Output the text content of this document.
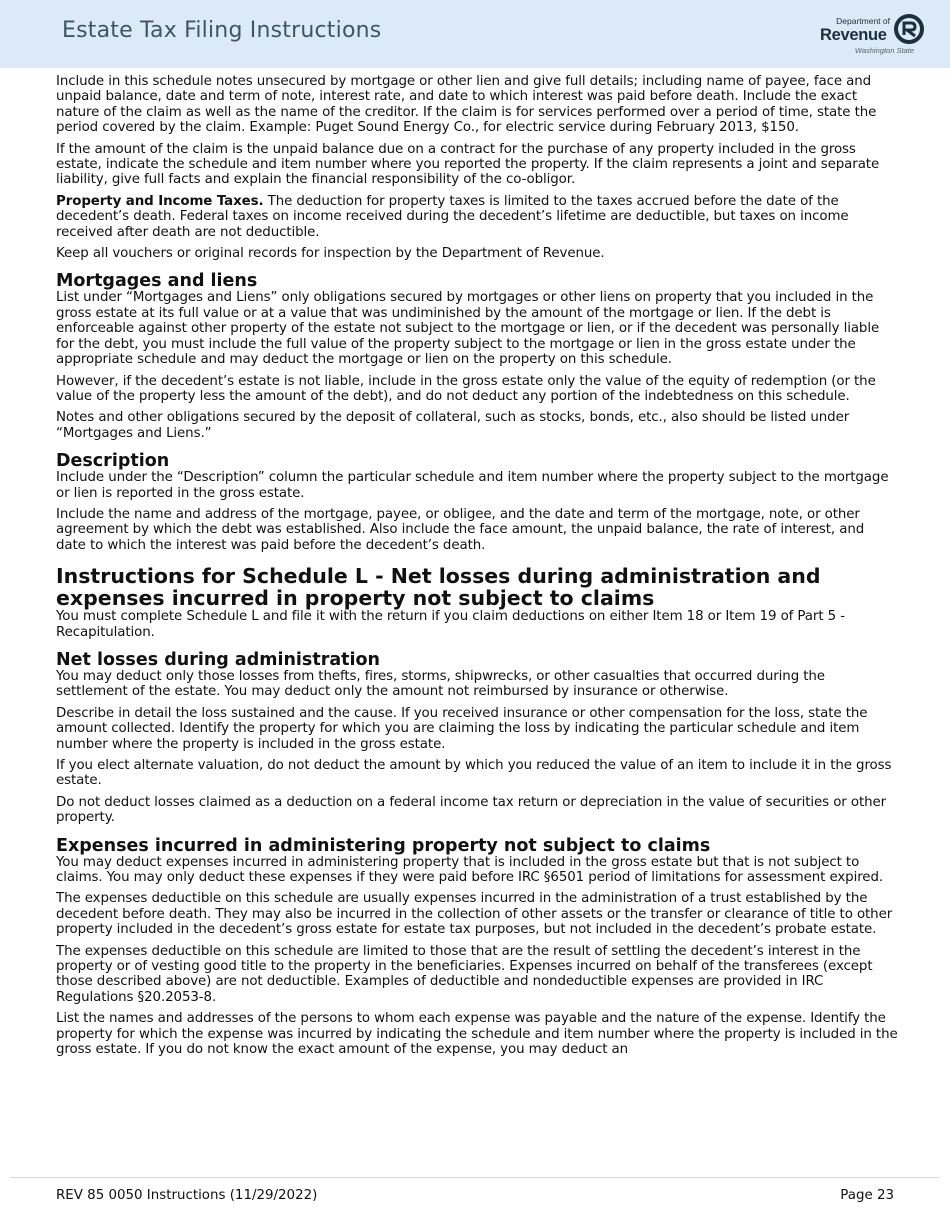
Estate Tax Filing Instructions	Department of
Revenue
Washington State

Include in this schedule notes unsecured by mortgage or other lien and give full details; including name of payee, face and unpaid balance, date and term of note, interest rate, and date to which interest was paid before death. Include the exact nature of the claim as well as the name of the creditor. If the claim is for services performed over a period of time, state the period covered by the claim. Example: Puget Sound Energy Co., for electric service during February 2013, $150.

If the amount of the claim is the unpaid balance due on a contract for the purchase of any property included in the gross estate, indicate the schedule and item number where you reported the property. If the claim represents a joint and separate liability, give full facts and explain the financial responsibility of the co-obligor.

Property and Income Taxes. The deduction for property taxes is limited to the taxes accrued before the date of the decedent’s death. Federal taxes on income received during the decedent’s lifetime are deductible, but taxes on income received after death are not deductible.

Keep all vouchers or original records for inspection by the Department of Revenue.

Mortgages and liens

List under “Mortgages and Liens” only obligations secured by mortgages or other liens on property that you included in the gross estate at its full value or at a value that was undiminished by the amount of the mortgage or lien. If the debt is enforceable against other property of the estate not subject to the mortgage or lien, or if the decedent was personally liable for the debt, you must include the full value of the property subject to the mortgage or lien in the gross estate under the appropriate schedule and may deduct the mortgage or lien on the property on this schedule.

However, if the decedent’s estate is not liable, include in the gross estate only the value of the equity of redemption (or the value of the property less the amount of the debt), and do not deduct any portion of the indebtedness on this schedule.

Notes and other obligations secured by the deposit of collateral, such as stocks, bonds, etc., also should be listed under “Mortgages and Liens.”

Description

Include under the “Description” column the particular schedule and item number where the property subject to the mortgage or lien is reported in the gross estate.

Include the name and address of the mortgage, payee, or obligee, and the date and term of the mortgage, note, or other agreement by which the debt was established. Also include the face amount, the unpaid balance, the rate of interest, and date to which the interest was paid before the decedent’s death.

Instructions for Schedule L - Net losses during administration and expenses incurred in property not subject to claims

You must complete Schedule L and file it with the return if you claim deductions on either Item 18 or Item 19 of Part 5 - Recapitulation.

Net losses during administration

You may deduct only those losses from thefts, fires, storms, shipwrecks, or other casualties that occurred during the settlement of the estate. You may deduct only the amount not reimbursed by insurance or otherwise.

Describe in detail the loss sustained and the cause. If you received insurance or other compensation for the loss, state the amount collected. Identify the property for which you are claiming the loss by indicating the particular schedule and item number where the property is included in the gross estate.

If you elect alternate valuation, do not deduct the amount by which you reduced the value of an item to include it in the gross estate.

Do not deduct losses claimed as a deduction on a federal income tax return or depreciation in the value of securities or other property.

Expenses incurred in administering property not subject to claims

You may deduct expenses incurred in administering property that is included in the gross estate but that is not subject to claims. You may only deduct these expenses if they were paid before IRC §6501 period of limitations for assessment expired.

The expenses deductible on this schedule are usually expenses incurred in the administration of a trust established by the decedent before death. They may also be incurred in the collection of other assets or the transfer or clearance of title to other property included in the decedent’s gross estate for estate tax purposes, but not included in the decedent’s probate estate.

The expenses deductible on this schedule are limited to those that are the result of settling the decedent’s interest in the property or of vesting good title to the property in the beneficiaries. Expenses incurred on behalf of the transferees (except those described above) are not deductible. Examples of deductible and nondeductible expenses are provided in IRC Regulations §20.2053-8.

List the names and addresses of the persons to whom each expense was payable and the nature of the expense. Identify the property for which the expense was incurred by indicating the schedule and item number where the property is included in the gross estate. If you do not know the exact amount of the expense, you may deduct an

REV 85 0050 Instructions (11/29/2022)	Page 23
